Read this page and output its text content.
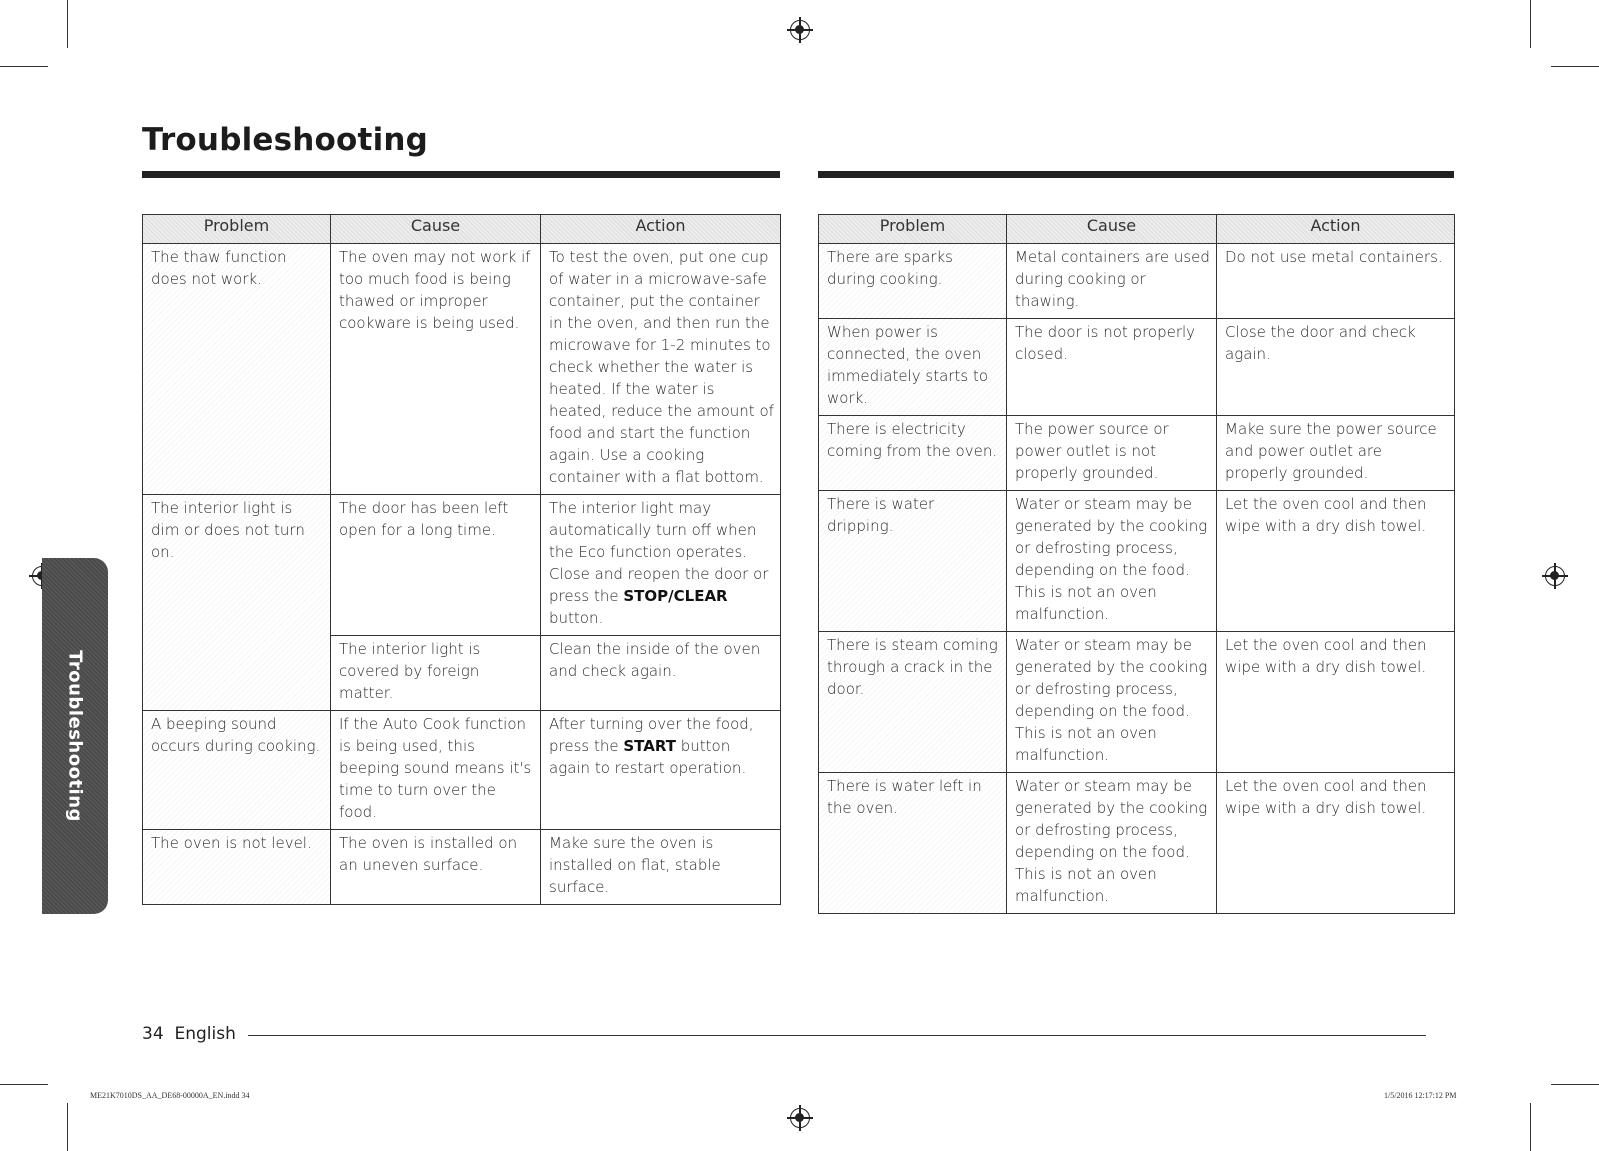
Troubleshooting
Troubleshooting
Problem	Cause	Action
The thaw function does not work.	The oven may not work if too much food is being thawed or improper cookware is being used.	To test the oven, put one cup of water in a microwave-safe container, put the container in the oven, and then run the microwave for 1-2 minutes to check whether the water is heated. If the water is heated, reduce the amount of food and start the function again. Use a cooking container with a flat bottom.
The interior light is dim or does not turn on.	The door has been left open for a long time.	The interior light may automatically turn off when the Eco function operates. Close and reopen the door or press the STOP/CLEAR button.
	The interior light is covered by foreign matter.	Clean the inside of the oven and check again.
A beeping sound occurs during cooking.	If the Auto Cook function is being used, this beeping sound means it's time to turn over the food.	After turning over the food, press the START button again to restart operation.
The oven is not level.	The oven is installed on an uneven surface.	Make sure the oven is installed on flat, stable surface.
Problem	Cause	Action
There are sparks during cooking.	Metal containers are used during cooking or thawing.	Do not use metal containers.
When power is connected, the oven immediately starts to work.	The door is not properly closed.	Close the door and check again.
There is electricity coming from the oven.	The power source or power outlet is not properly grounded.	Make sure the power source and power outlet are properly grounded.
There is water dripping.	Water or steam may be generated by the cooking or defrosting process, depending on the food. This is not an oven malfunction.	Let the oven cool and then wipe with a dry dish towel.
There is steam coming through a crack in the door.	Water or steam may be generated by the cooking or defrosting process, depending on the food. This is not an oven malfunction.	Let the oven cool and then wipe with a dry dish towel.
There is water left in the oven.	Water or steam may be generated by the cooking or defrosting process, depending on the food. This is not an oven malfunction.	Let the oven cool and then wipe with a dry dish towel.
34 English
ME21K7010DS_AA_DE68-00000A_EN.indd 34	1/5/2016 12:17:12 PM
